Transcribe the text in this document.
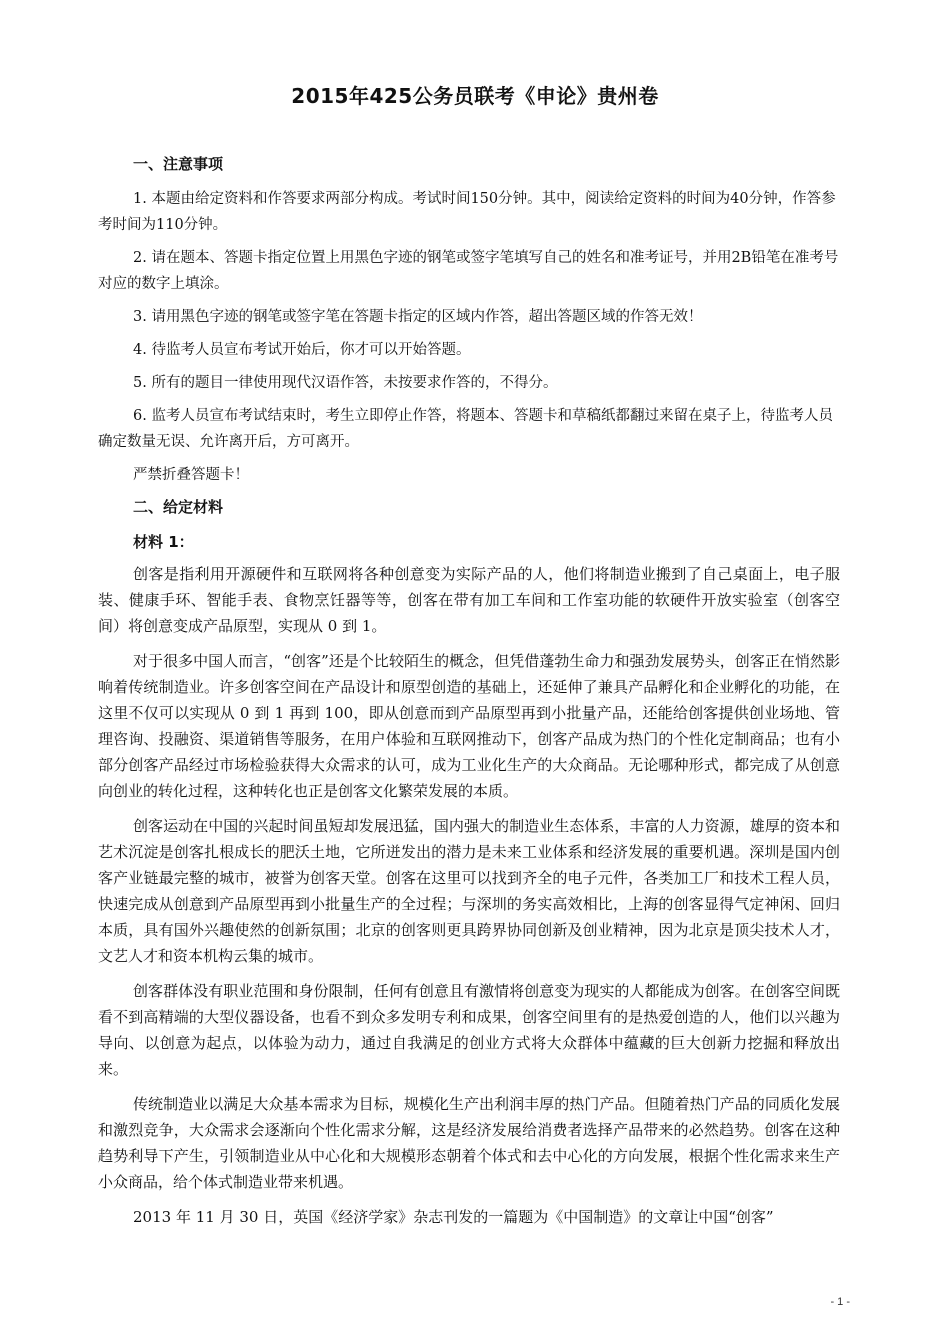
2015年425公务员联考《申论》贵州卷
一、注意事项

1. 本题由给定资料和作答要求两部分构成。考试时间150分钟。其中，阅读给定资料的时间为40分钟，作答参考时间为110分钟。

2. 请在题本、答题卡指定位置上用黑色字迹的钢笔或签字笔填写自己的姓名和准考证号，并用2B铅笔在准考号对应的数字上填涂。

3. 请用黑色字迹的钢笔或签字笔在答题卡指定的区域内作答，超出答题区域的作答无效！

4. 待监考人员宣布考试开始后，你才可以开始答题。

5. 所有的题目一律使用现代汉语作答，未按要求作答的，不得分。

6. 监考人员宣布考试结束时，考生立即停止作答，将题本、答题卡和草稿纸都翻过来留在桌子上，待监考人员确定数量无误、允许离开后，方可离开。

严禁折叠答题卡！

二、给定材料
材料 1：

创客是指利用开源硬件和互联网将各种创意变为实际产品的人，他们将制造业搬到了自己桌面上，电子服装、健康手环、智能手表、食物烹饪器等等，创客在带有加工车间和工作室功能的软硬件开放实验室（创客空间）将创意变成产品原型，实现从 0 到 1。

对于很多中国人而言，“创客”还是个比较陌生的概念，但凭借蓬勃生命力和强劲发展势头，创客正在悄然影响着传统制造业。许多创客空间在产品设计和原型创造的基础上，还延伸了兼具产品孵化和企业孵化的功能，在这里不仅可以实现从 0 到 1 再到 100，即从创意而到产品原型再到小批量产品，还能给创客提供创业场地、管理咨询、投融资、渠道销售等服务，在用户体验和互联网推动下，创客产品成为热门的个性化定制商品；也有小部分创客产品经过市场检验获得大众需求的认可，成为工业化生产的大众商品。无论哪种形式，都完成了从创意向创业的转化过程，这种转化也正是创客文化繁荣发展的本质。

创客运动在中国的兴起时间虽短却发展迅猛，国内强大的制造业生态体系，丰富的人力资源，雄厚的资本和艺术沉淀是创客扎根成长的肥沃土地，它所迸发出的潜力是未来工业体系和经济发展的重要机遇。深圳是国内创客产业链最完整的城市，被誉为创客天堂。创客在这里可以找到齐全的电子元件，各类加工厂和技术工程人员，快速完成从创意到产品原型再到小批量生产的全过程；与深圳的务实高效相比，上海的创客显得气定神闲、回归本质，具有国外兴趣使然的创新氛围；北京的创客则更具跨界协同创新及创业精神，因为北京是顶尖技术人才，文艺人才和资本机构云集的城市。

创客群体没有职业范围和身份限制，任何有创意且有激情将创意变为现实的人都能成为创客。在创客空间既看不到高精端的大型仪器设备，也看不到众多发明专利和成果，创客空间里有的是热爱创造的人，他们以兴趣为导向、以创意为起点，以体验为动力，通过自我满足的创业方式将大众群体中蕴藏的巨大创新力挖掘和释放出来。

传统制造业以满足大众基本需求为目标，规模化生产出利润丰厚的热门产品。但随着热门产品的同质化发展和激烈竞争，大众需求会逐渐向个性化需求分解，这是经济发展给消费者选择产品带来的必然趋势。创客在这种趋势利导下产生，引领制造业从中心化和大规模形态朝着个体式和去中心化的方向发展，根据个性化需求来生产小众商品，给个体式制造业带来机遇。

2013 年 11 月 30 日，英国《经济学家》杂志刊发的一篇题为《中国制造》的文章让中国“创客”

- 1 -
